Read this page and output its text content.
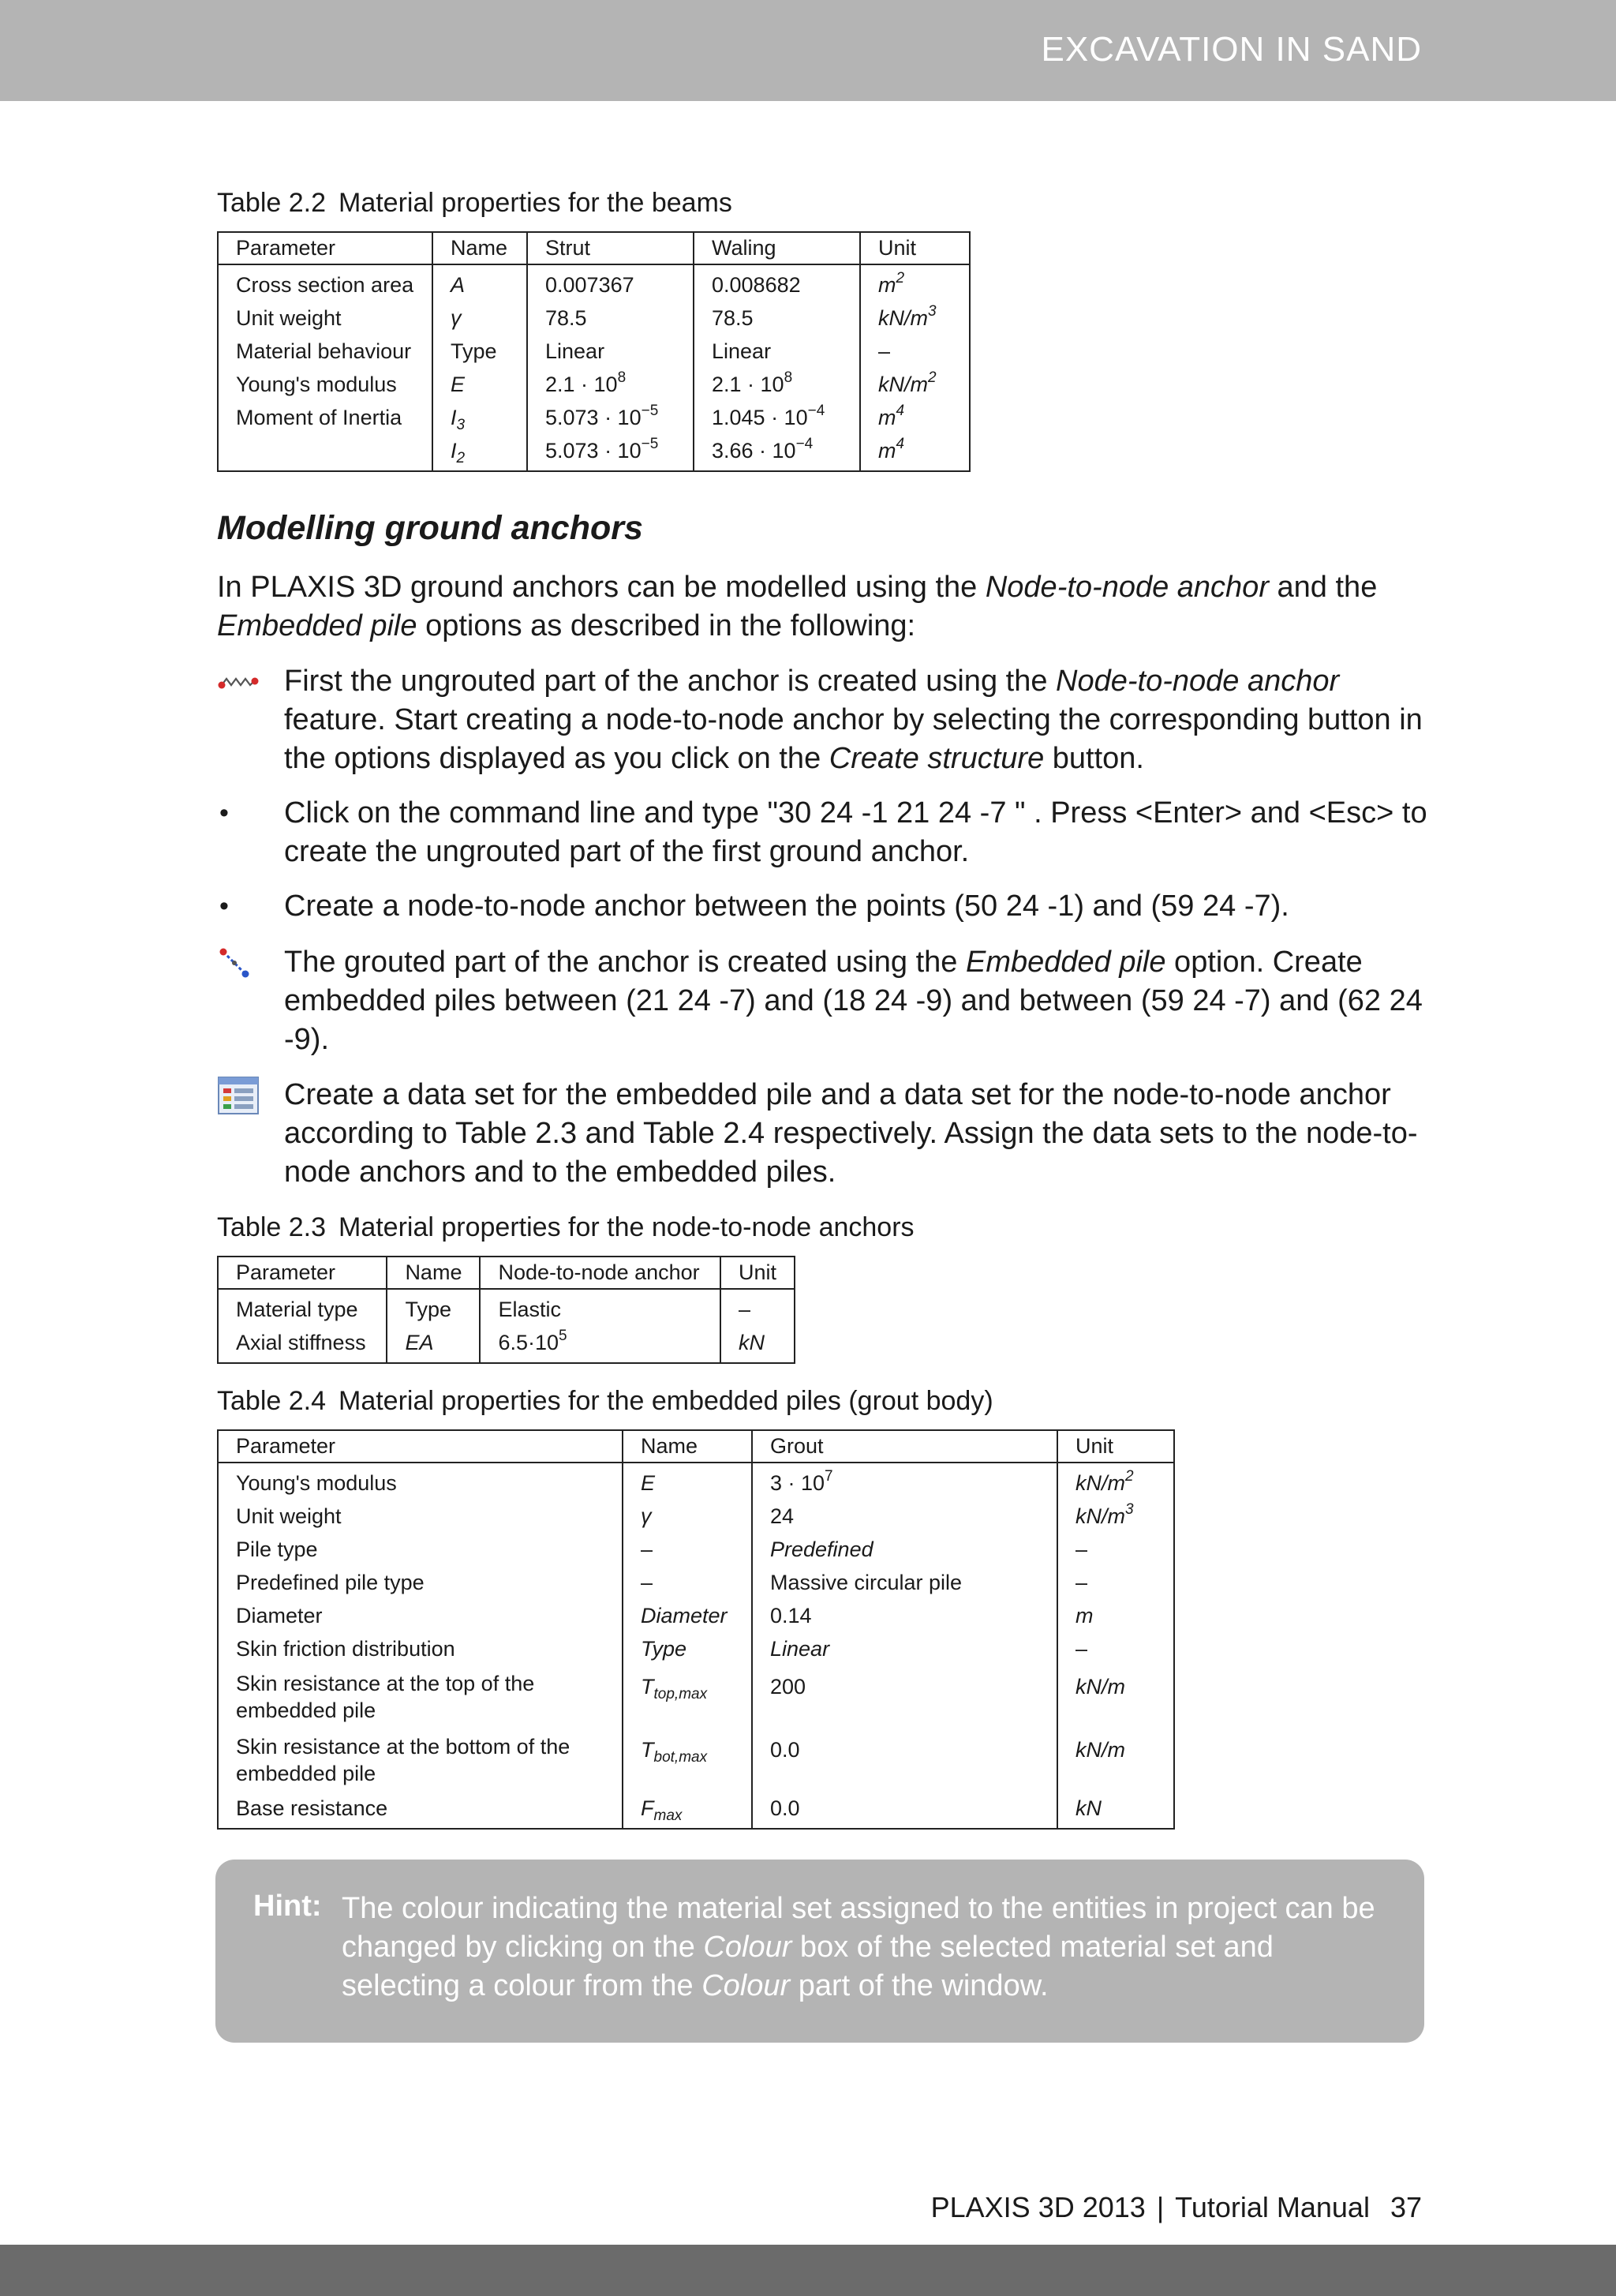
EXCAVATION IN SAND
Table 2.2 Material properties for the beams
Parameter	Name	Strut	Waling	Unit
Cross section area	A	0.007367	0.008682	$m^2$
Unit weight	γ	78.5	78.5	$kN/m^3$
Material behaviour	Type	Linear	Linear	–
Young's modulus	E	$2.1 \cdot 10^8$	$2.1 \cdot 10^8$	$kN/m^2$
Moment of Inertia	$I_3$	$5.073 \cdot 10^{-5}$	$1.045 \cdot 10^{-4}$	$m^4$
	$I_2$	$5.073 \cdot 10^{-5}$	$3.66 \cdot 10^{-4}$	$m^4$
Modelling ground anchors
In PLAXIS 3D ground anchors can be modelled using the Node-to-node anchor and the Embedded pile options as described in the following:
First the ungrouted part of the anchor is created using the Node-to-node anchor feature. Start creating a node-to-node anchor by selecting the corresponding button in the options displayed as you click on the Create structure button.
•	Click on the command line and type "30 24 -1 21 24 -7 " . Press <Enter> and <Esc> to create the ungrouted part of the first ground anchor.
•	Create a node-to-node anchor between the points (50 24 -1) and (59 24 -7).
The grouted part of the anchor is created using the Embedded pile option. Create embedded piles between (21 24 -7) and (18 24 -9) and between (59 24 -7) and (62 24 -9).
Create a data set for the embedded pile and a data set for the node-to-node anchor according to Table 2.3 and Table 2.4 respectively. Assign the data sets to the node-to-node anchors and to the embedded piles.
Table 2.3 Material properties for the node-to-node anchors
Parameter	Name	Node-to-node anchor	Unit
Material type	Type	Elastic	–
Axial stiffness	EA	$6.5\cdot 10^5$	kN
Table 2.4 Material properties for the embedded piles (grout body)
Parameter	Name	Grout	Unit
Young's modulus	E	$3 \cdot 10^7$	$kN/m^2$
Unit weight	γ	24	$kN/m^3$
Pile type	–	Predefined	–
Predefined pile type	–	Massive circular pile	–
Diameter	Diameter	0.14	m
Skin friction distribution	Type	Linear	–
Skin resistance at the top of the embedded pile	$T_{top,max}$	200	kN/m
Skin resistance at the bottom of the embedded pile	$T_{bot,max}$	0.0	kN/m
Base resistance	$F_{max}$	0.0	kN
Hint: The colour indicating the material set assigned to the entities in project can be changed by clicking on the Colour box of the selected material set and selecting a colour from the Colour part of the window.
PLAXIS 3D 2013 | Tutorial Manual 37
